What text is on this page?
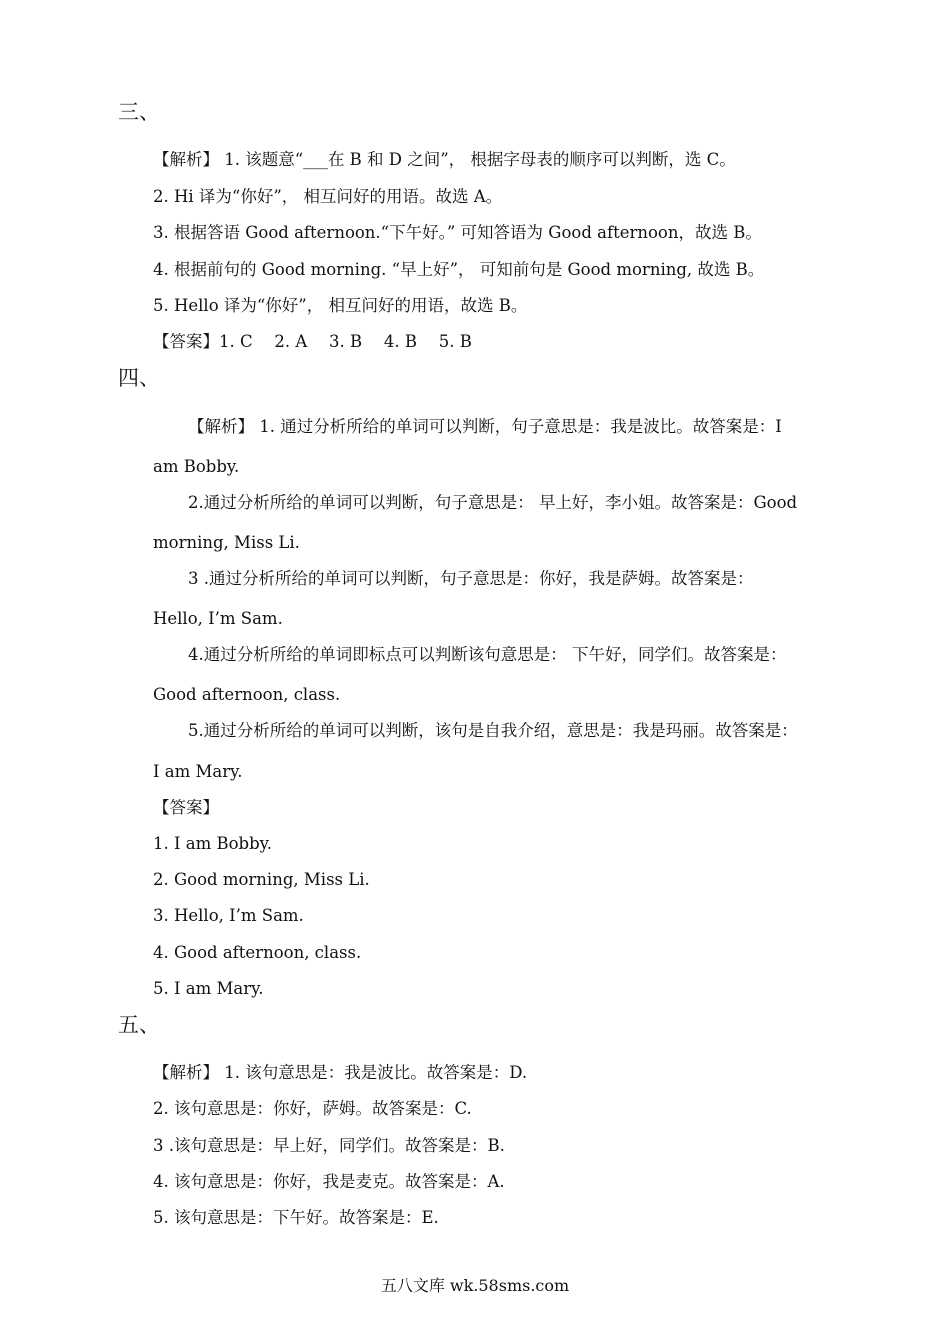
三、
【解析】 1. 该题意“___在 B 和 D 之间”， 根据字母表的顺序可以判断，选 C。
2. Hi 译为“你好”， 相互问好的用语。故选 A。
3. 根据答语 Good afternoon.“下午好。” 可知答语为 Good afternoon，故选 B。
4. 根据前句的 Good morning. “早上好”， 可知前句是 Good morning, 故选 B。
5. Hello 译为“你好”， 相互问好的用语，故选 B。
【答案】1. C　 2. A　 3. B　 4. B　 5. B
四、
【解析】 1. 通过分析所给的单词可以判断，句子意思是：我是波比。故答案是：I
am Bobby.
2.通过分析所给的单词可以判断，句子意思是： 早上好，李小姐。故答案是：Good
morning, Miss Li.
3 .通过分析所给的单词可以判断，句子意思是：你好，我是萨姆。故答案是：
Hello, I’m Sam.
4.通过分析所给的单词即标点可以判断该句意思是： 下午好，同学们。故答案是：
Good afternoon, class.
5.通过分析所给的单词可以判断，该句是自我介绍，意思是：我是玛丽。故答案是：
I am Mary.
【答案】
1. I am Bobby.
2. Good morning, Miss Li.
3. Hello, I’m Sam.
4. Good afternoon, class.
5. I am Mary.
五、
【解析】 1. 该句意思是：我是波比。故答案是：D.
2. 该句意思是：你好，萨姆。故答案是：C.
3 .该句意思是：早上好，同学们。故答案是：B.
4. 该句意思是：你好，我是麦克。故答案是：A.
5. 该句意思是：下午好。故答案是：E.
五八文库 wk.58sms.com
